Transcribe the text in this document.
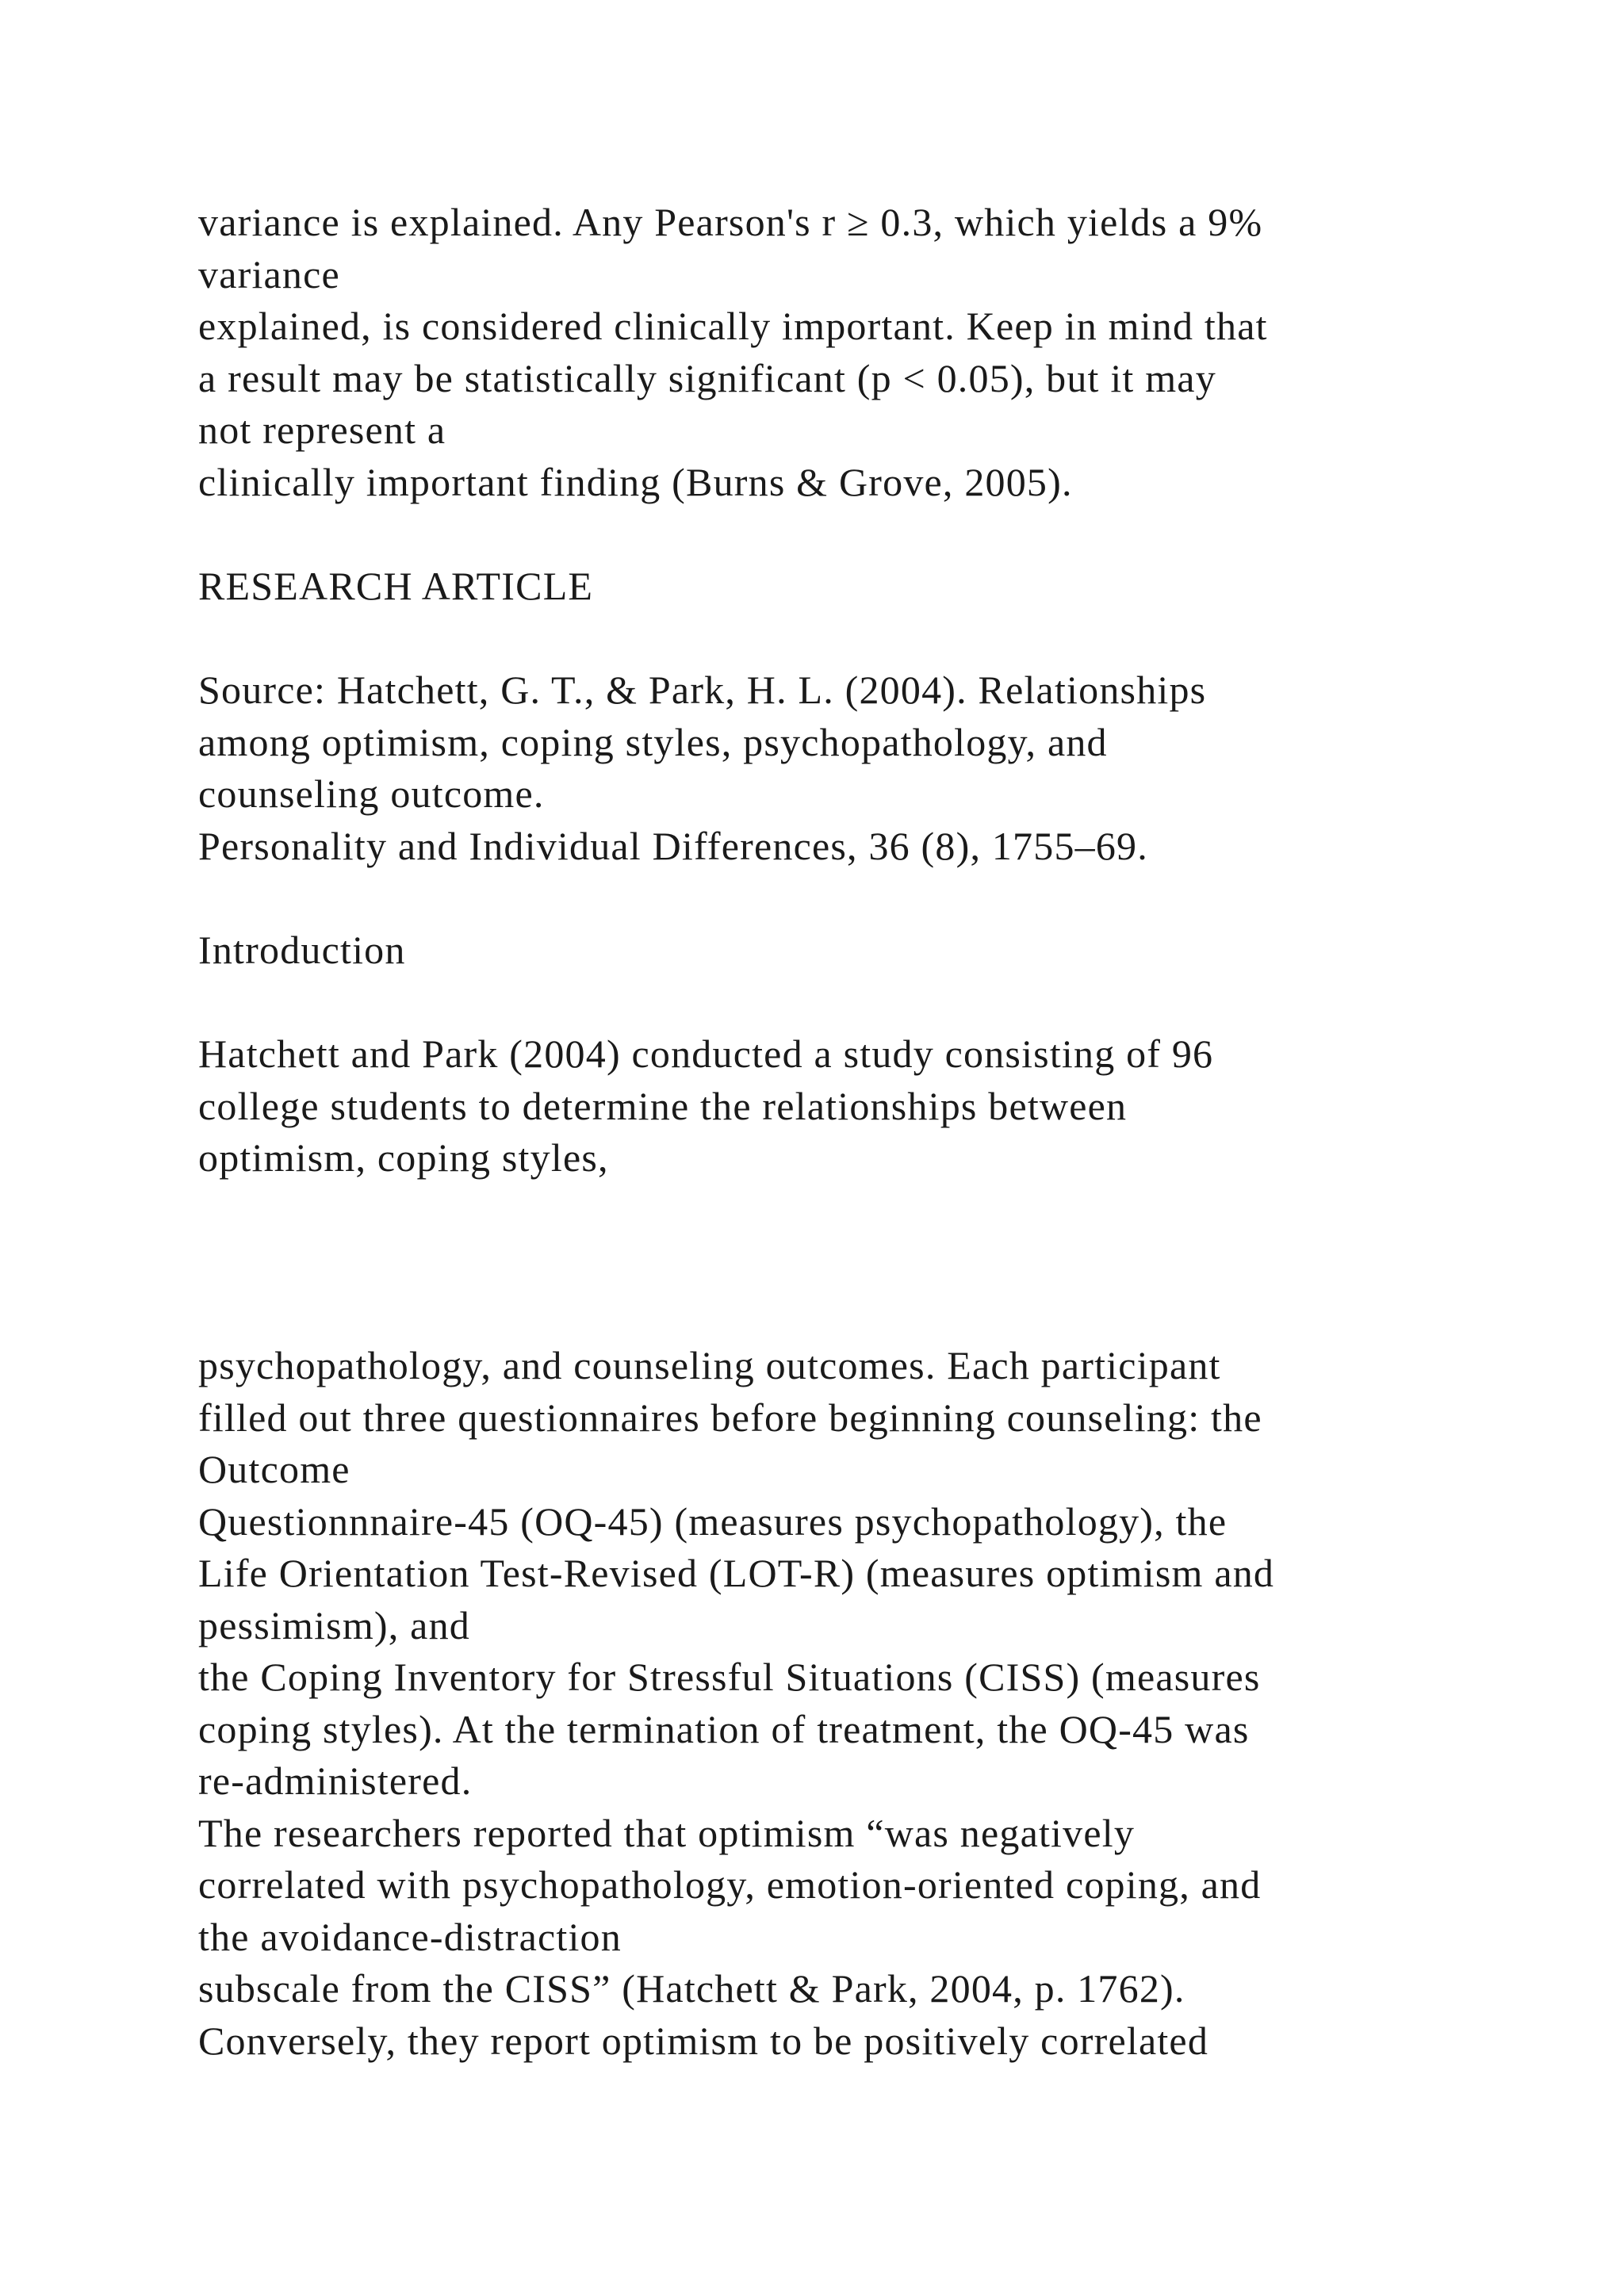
variance is explained. Any Pearson's r ≥ 0.3, which yields a 9%
variance
explained, is considered clinically important. Keep in mind that
a result may be statistically significant (p < 0.05), but it may
not represent a
clinically important finding (Burns & Grove, 2005).
RESEARCH ARTICLE
Source: Hatchett, G. T., & Park, H. L. (2004). Relationships
among optimism, coping styles, psychopathology, and
counseling outcome.
Personality and Individual Differences, 36 (8), 1755–69.
Introduction
Hatchett and Park (2004) conducted a study consisting of 96
college students to determine the relationships between
optimism, coping styles,
psychopathology, and counseling outcomes. Each participant
filled out three questionnaires before beginning counseling: the
Outcome
Questionnnaire-45 (OQ-45) (measures psychopathology), the
Life Orientation Test-Revised (LOT-R) (measures optimism and
pessimism), and
the Coping Inventory for Stressful Situations (CISS) (measures
coping styles). At the termination of treatment, the OQ-45 was
re-administered.
The researchers reported that optimism “was negatively
correlated with psychopathology, emotion-oriented coping, and
the avoidance-distraction
subscale from the CISS” (Hatchett & Park, 2004, p. 1762).
Conversely, they report optimism to be positively correlated
